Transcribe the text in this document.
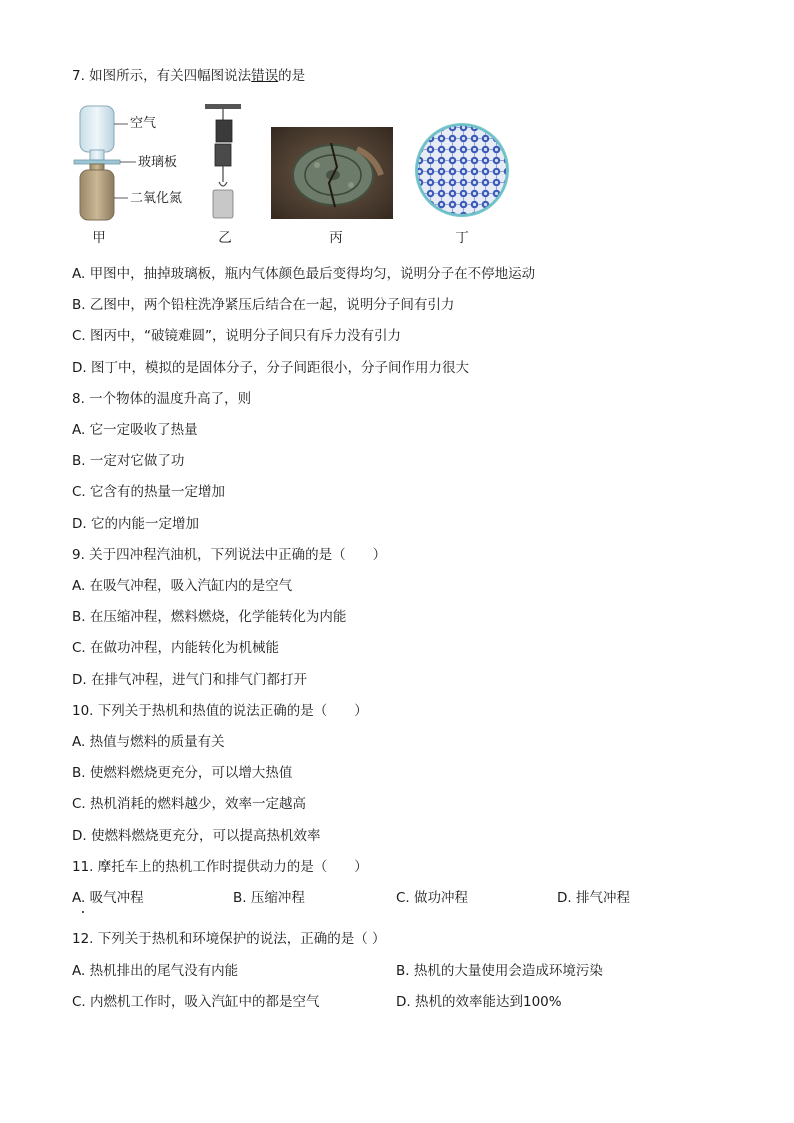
7. 如图所示，有关四幅图说法错误的是
空气
玻璃板
二氧化氮
甲	乙	丙	丁
A. 甲图中，抽掉玻璃板，瓶内气体颜色最后变得均匀，说明分子在不停地运动
B. 乙图中，两个铅柱洗净紧压后结合在一起，说明分子间有引力
C. 图丙中，“破镜难圆”，说明分子间只有斥力没有引力
D. 图丁中，模拟的是固体分子，分子间距很小，分子间作用力很大
8. 一个物体的温度升高了，则
A. 它一定吸收了热量
B. 一定对它做了功
C. 它含有的热量一定增加
D. 它的内能一定增加
9. 关于四冲程汽油机，下列说法中正确的是（　　）
A. 在吸气冲程，吸入汽缸内的是空气
B. 在压缩冲程，燃料燃烧，化学能转化为内能
C. 在做功冲程，内能转化为机械能
D. 在排气冲程，进气门和排气门都打开
10. 下列关于热机和热值的说法正确的是（　　）
A. 热值与燃料的质量有关
B. 使燃料燃烧更充分，可以增大热值
C. 热机消耗的燃料越少，效率一定越高
D. 使燃料燃烧更充分，可以提高热机效率
11. 摩托车上的热机工作时提供动力的是（　　）
A. 吸气冲程	B. 压缩冲程	C. 做功冲程	D. 排气冲程
12. 下列关于热机和环境保护的说法，正确的是（ ）
A. 热机排出的尾气没有内能	B. 热机的大量使用会造成环境污染
C. 内燃机工作时，吸入汽缸中的都是空气	D. 热机的效率能达到100%
